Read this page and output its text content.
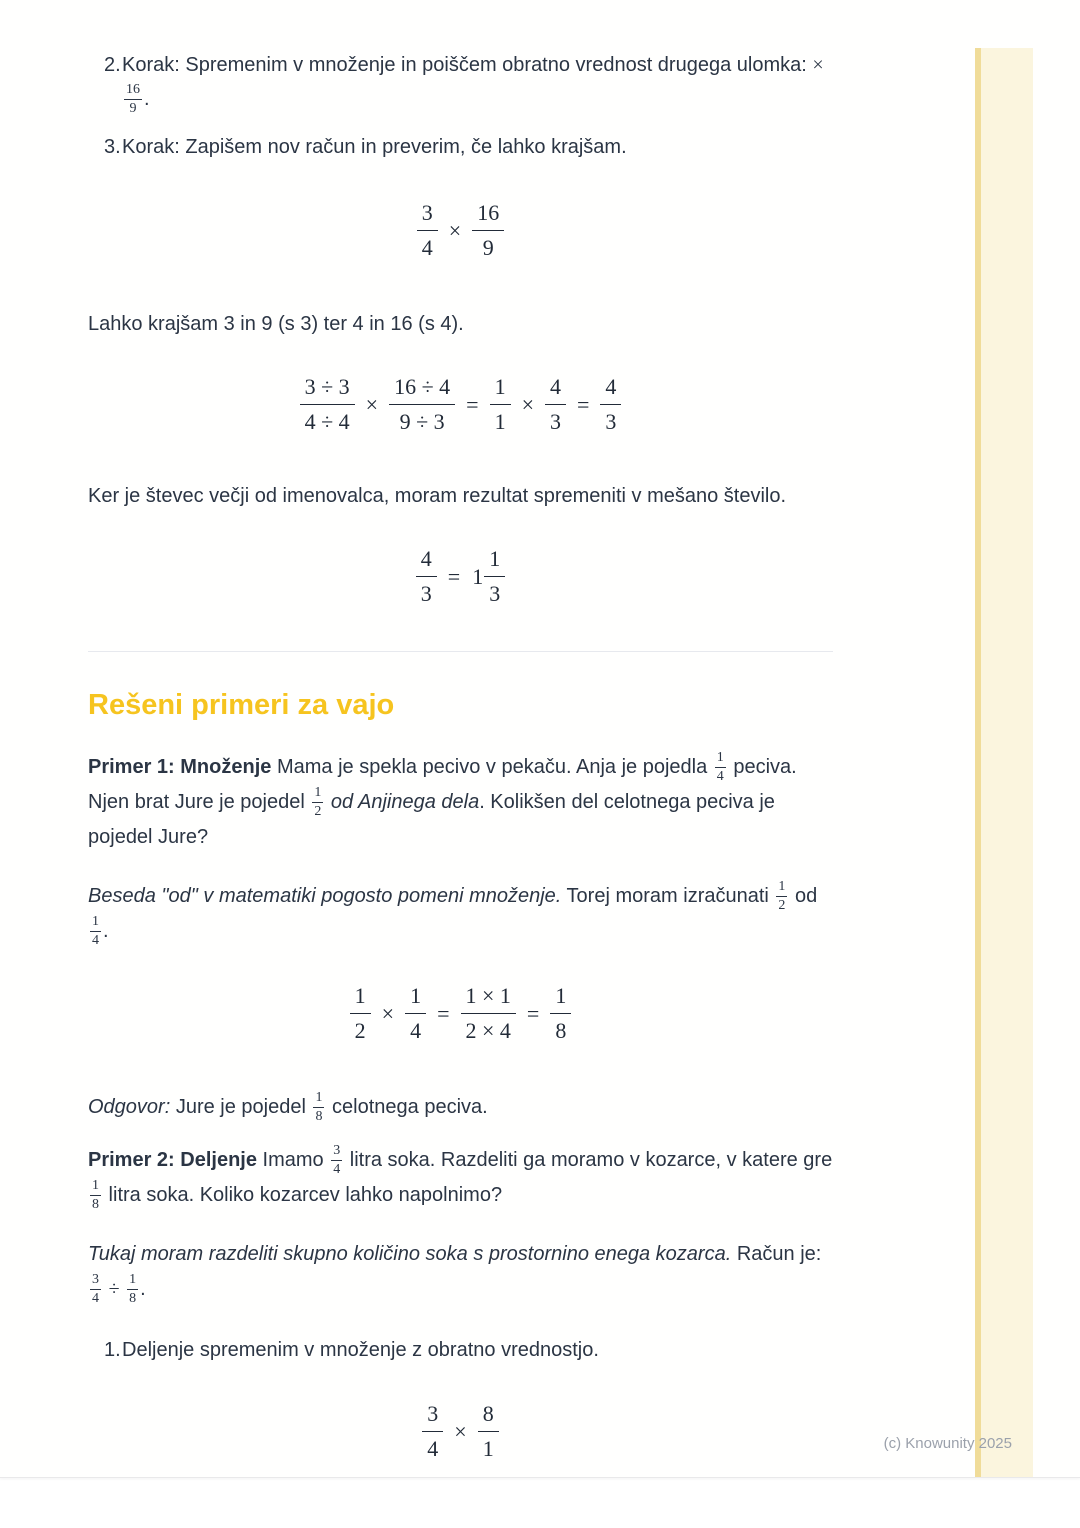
2. Korak: Spremenim v množenje in poiščem obratno vrednost drugega ulomka: ×
$\frac{16}{9}$ .
3. Korak: Zapišem nov račun in preverim, če lahko krajšam.
$\frac{3}{4} \times \frac{16}{9}$

Lahko krajšam 3 in 9 (s 3) ter 4 in 16 (s 4).

$\frac{3 \div 3}{4 \div 4} \times \frac{16 \div 4}{9 \div 3} = \frac{1}{1} \times \frac{4}{3} = \frac{4}{3}$

Ker je števec večji od imenovalca, moram rezultat spremeniti v mešano število.

$\frac{4}{3} = 1 \frac{1}{3}$
Rešeni primeri za vajo

Primer 1: Množenje Mama je spekla pecivo v pekaču. Anja je pojedla $\frac{1}{4}$ peciva. Njen brat Jure je pojedel $\frac{1}{2}$ od Anjinega dela. Kolikšen del celotnega peciva je pojedel Jure?

Beseda "od" v matematiki pogosto pomeni množenje. Torej moram izračunati $\frac{1}{2}$ od
$\frac{1}{4}$ .

$\frac{1}{2} \times \frac{1}{4} = \frac{1 \times 1}{2 \times 4} = \frac{1}{8}$

Odgovor: Jure je pojedel $\frac{1}{8}$ celotnega peciva.

Primer 2: Deljenje Imamo $\frac{3}{4}$ litra soka. Razdeliti ga moramo v kozarce, v katere gre
$\frac{1}{8}$ litra soka. Koliko kozarcev lahko napolnimo?

Tukaj moram razdeliti skupno količino soka s prostornino enega kozarca. Račun je:
$\frac{3}{4} \div \frac{1}{8}$ .

1. Deljenje spremenim v množenje z obratno vrednostjo.
$\frac{3}{4} \times \frac{8}{1}$	(c) Knowunity 2025
